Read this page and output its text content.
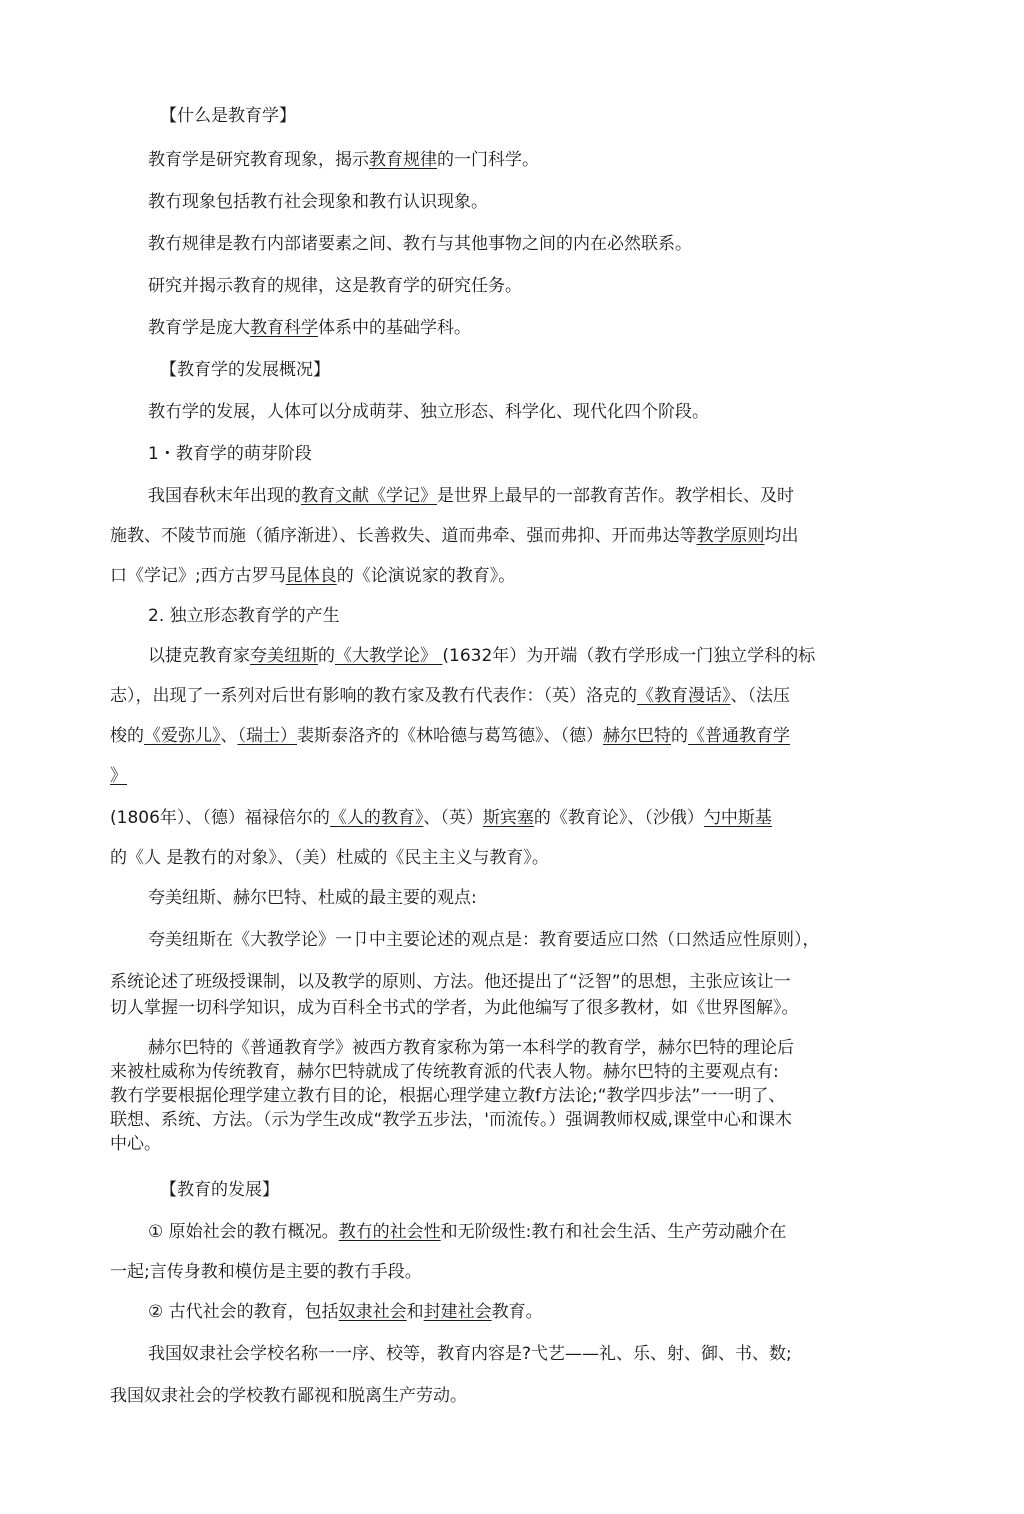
【什么是教育学】

教育学是研究教育现象，揭示教育规律的一门科学。

教冇现象包括教冇社会现象和教冇认识现象。

教冇规律是教冇内部诸要素之间、教冇与其他事物之间的内在必然联系。

研究并揭示教育的规律，这是教育学的研究任务。

教育学是庞大教育科学体系中的基础学科。

【教育学的发展概况】

教冇学的发展，人体可以分成萌芽、独立形态、科学化、现代化四个阶段。

1・教育学的萌芽阶段

我国春秋末年出现的教育文献《学记》是世界上最早的一部教育苦作。教学相长、及时

施教、不陵节而施（循序渐进）、长善救失、道而弗牵、强而弗抑、开而弗达等教学原则均出

口《学记》;西方古罗马昆体良的《论演说家的教育》。

2. 独立形态教育学的产生

以捷克教育家夸美纽斯的《大教学论》 (1632年）为开端（教冇学形成一门独立学科的标

志），出现了一系列对后世有影响的教冇家及教冇代表作：（英）洛克的《教育漫话》、（法压

梭的《爱弥儿》、（瑞士）裴斯泰洛齐的《林哈德与葛笃德》、（德）赫尔巴特的《普通教育学

》

(1806年）、（德）福禄倍尔的《人的教育》、（英）斯宾塞的《教育论》、（沙俄）勺中斯基

的《人 是教冇的对象》、（美）杜威的《民主主义与教育》。

夸美纽斯、赫尔巴特、杜威的最主要的观点:

夸美纽斯在《大教学论》一卩中主要论述的观点是：教育要适应口然（口然适应性原则），

系统论述了班级授课制，以及教学的原则、方法。他还提出了“泛智”的思想，主张应该让一

切人掌握一切科学知识，成为百科全书式的学者，为此他编写了很多教材，如《世界图解》。

赫尔巴特的《普通教育学》被西方教育家称为第一本科学的教育学，赫尔巴特的理论后

来被杜威称为传统教育，赫尔巴特就成了传统教育派的代表人物。赫尔巴特的主要观点有:

教冇学要根据伦理学建立教冇目的论，根据心理学建立教f方法论;“教学四步法”一一明了、

联想、系统、方法。（示为学生改成“教学五步法，'而流传。）强调教师权威,课堂中心和课木

中心。

【教育的发展】

① 原始社会的教冇概况。教冇的社会性和无阶级性:教冇和社会生活、生产劳动融介在

一起;言传身教和模仿是主要的教冇手段。

② 古代社会的教育，包括奴隶社会和封建社会教育。

我国奴隶社会学校名称一一序、校等，教育内容是?弋艺——礼、乐、射、御、书、数;

我国奴隶社会的学校教冇鄙视和脱离生产劳动。
